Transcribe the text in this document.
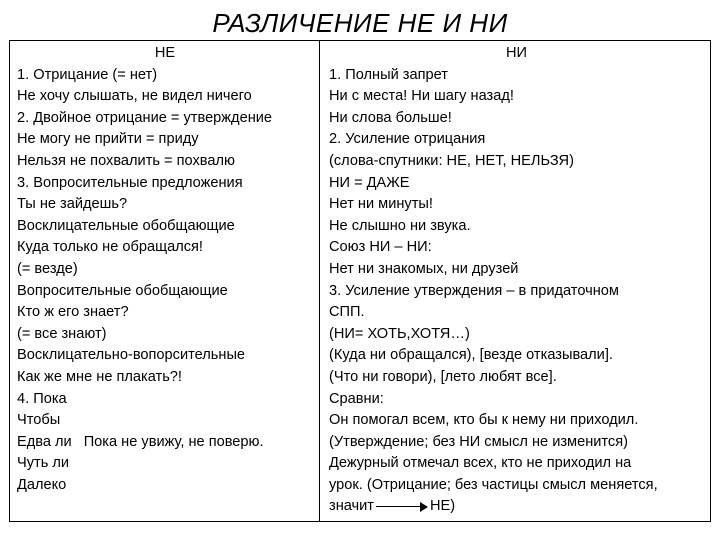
РАЗЛИЧЕНИЕ НЕ И НИ
НЕ
1. Отрицание (= нет)
Не хочу слышать, не видел ничего
2. Двойное отрицание = утверждение
Не могу не прийти = приду
Нельзя не похвалить = похвалю
3. Вопросительные предложения
Ты не зайдешь?
Восклицательные обобщающие
Куда только не обращался!
(= везде)
Вопросительные обобщающие
Кто ж его знает?
(= все знают)
Восклицательно-вопорсительные
Как же мне не плакать?!
4. Пока
Чтобы
Едва ли Пока не увижу, не поверю.
Чуть ли
Далеко
НИ
1. Полный запрет
Ни с места! Ни шагу назад!
Ни слова больше!
2. Усиление отрицания
(слова-спутники: НЕ, НЕТ, НЕЛЬЗЯ)
НИ = ДАЖЕ
Нет ни минуты!
Не слышно ни звука.
Союз НИ – НИ:
Нет ни знакомых, ни друзей
3. Усиление утверждения – в придаточном
СПП.
(НИ= ХОТЬ,ХОТЯ…)
(Куда ни обращался), [везде отказывали].
(Что ни говори), [лето любят все].
Сравни:
Он помогал всем, кто бы к нему ни приходил.
(Утверждение; без НИ смысл не изменится)
Дежурный отмечал всех, кто не приходил на
урок. (Отрицание; без частицы смысл меняется,
значит	НЕ)
